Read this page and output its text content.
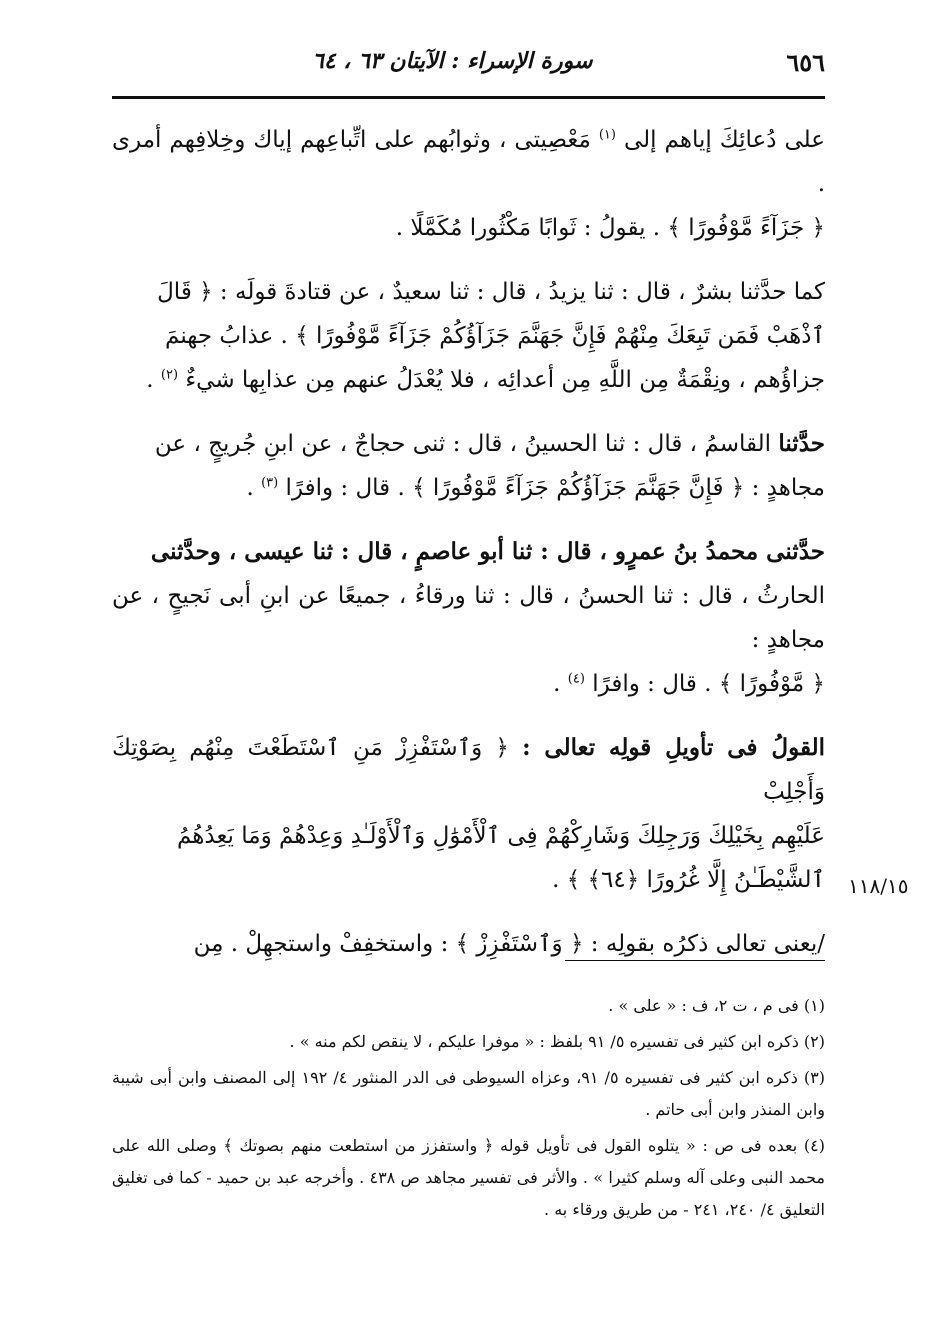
٦٥٦
سورة الإسراء : الآيتان ٦٣ ، ٦٤

على دُعائِكَ إياهم إلى $^{(١)}$ مَعْصِيتى ، وثوابُهم على اتِّباعِهم إياك وخِلافِهم أمرى .

﴿ جَزَآءً مَّوْفُورًا ﴾ . يقولُ : ثَوابًا مَكْثُورا مُكَمَّلًا .

كما حدَّثنا بشرٌ ، قال : ثنا يزيدُ ، قال : ثنا سعيدٌ ، عن قتادةَ قولَه : ﴿ قَالَ

ٱذْهَبْ فَمَن تَبِعَكَ مِنْهُمْ فَإِنَّ جَهَنَّمَ جَزَآؤُكُمْ جَزَآءً مَّوْفُورًا ﴾ . عذابُ جهنمَ

جزاؤُهم ، ونِقْمَةٌ مِن اللَّهِ مِن أعدائِه ، فلا يُعْدَلُ عنهم مِن عذابِها شيءٌ $^{(٢)}$ .

حدَّثنا القاسمُ ، قال : ثنا الحسينُ ، قال : ثنى حجاجٌ ، عن ابنِ جُريجٍ ، عن

مجاهدٍ : ﴿ فَإِنَّ جَهَنَّمَ جَزَآؤُكُمْ جَزَآءً مَّوْفُورًا ﴾ . قال : وافرًا $^{(٣)}$ .

حدَّثنى محمدُ بنُ عمرٍو ، قال : ثنا أبو عاصمٍ ، قال : ثنا عيسى ، وحدَّثنى

الحارثُ ، قال : ثنا الحسنُ ، قال : ثنا ورقاءُ ، جميعًا عن ابنِ أبى نَجيحٍ ، عن مجاهدٍ :

﴿ مَّوْفُورًا ﴾ . قال : وافرًا $^{(٤)}$ .

القولُ فى تأويلِ قولِه تعالى : ﴿ وَٱسْتَفْزِزْ مَنِ ٱسْتَطَعْتَ مِنْهُم بِصَوْتِكَ وَأَجْلِبْ

عَلَيْهِم بِخَيْلِكَ وَرَجِلِكَ وَشَارِكْهُمْ فِى ٱلْأَمْوَٰلِ وَٱلْأَوْلَـٰدِ وَعِدْهُمْ وَمَا يَعِدُهُمُ

ٱلشَّيْطَـٰنُ إِلَّا غُرُورًا ﴿٦٤﴾ ﴾ .

/يعنى تعالى ذكرُه بقولِه : ﴿ وَٱسْتَفْزِزْ ﴾ : واستخفِفْ واستجهِلْ . مِن

١١٨/١٥

(١) فى م ، ت ٢، ف : « على » .

(٢) ذكره ابن كثير فى تفسيره ٥/ ٩١ بلفظ : « موفرا عليكم ، لا ينقص لكم منه » .

(٣) ذكره ابن كثير فى تفسيره ٥/ ٩١، وعزاه السيوطى فى الدر المنثور ٤/ ١٩٢ إلى المصنف وابن أبى شيبة وابن المنذر وابن أبى حاتم .

(٤) بعده فى ص : « يتلوه القول فى تأويل قوله ﴿ واستفزز من استطعت منهم بصوتك ﴾ وصلى الله على محمد النبى وعلى آله وسلم كثيرا » . والأثر فى تفسير مجاهد ص ٤٣٨ . وأخرجه عبد بن حميد - كما فى تغليق التعليق ٤/ ٢٤٠، ٢٤١ - من طريق ورقاء به .
